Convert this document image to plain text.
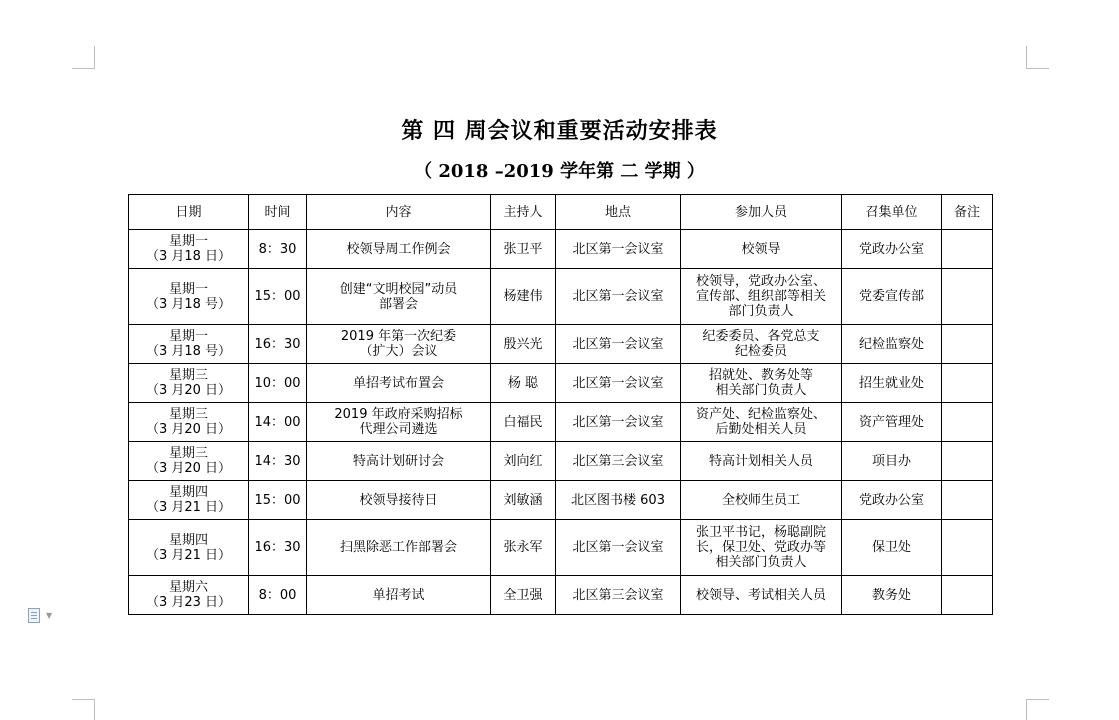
第 四 周会议和重要活动安排表
（ 2018 –2019 学年第 二 学期 ）
日期	时间	内容	主持人	地点	参加人员	召集单位	备注
星期一
（3 月18 日）	8：30	校领导周工作例会	张卫平	北区第一会议室	校领导	党政办公室	
星期一
（3 月18 号）	15：00	创建“文明校园”动员
部署会	杨建伟	北区第一会议室	校领导，党政办公室、
宣传部、组织部等相关
部门负责人	党委宣传部	
星期一
（3 月18 号）	16：30	2019 年第一次纪委
（扩大）会议	殷兴光	北区第一会议室	纪委委员、各党总支
纪检委员	纪检监察处	
星期三
（3 月20 日）	10：00	单招考试布置会	杨 聪	北区第一会议室	招就处、教务处等
相关部门负责人	招生就业处	
星期三
（3 月20 日）	14：00	2019 年政府采购招标
代理公司遴选	白福民	北区第一会议室	资产处、纪检监察处、
后勤处相关人员	资产管理处	
星期三
（3 月20 日）	14：30	特高计划研讨会	刘向红	北区第三会议室	特高计划相关人员	项目办	
星期四
（3 月21 日）	15：00	校领导接待日	刘敏涵	北区图书楼 603	全校师生员工	党政办公室	
星期四
（3 月21 日）	16：30	扫黑除恶工作部署会	张永军	北区第一会议室	张卫平书记，杨聪副院
长，保卫处、党政办等
相关部门负责人	保卫处	
星期六
（3 月23 日）	8：00	单招考试	全卫强	北区第三会议室	校领导、考试相关人员	教务处	
▼
